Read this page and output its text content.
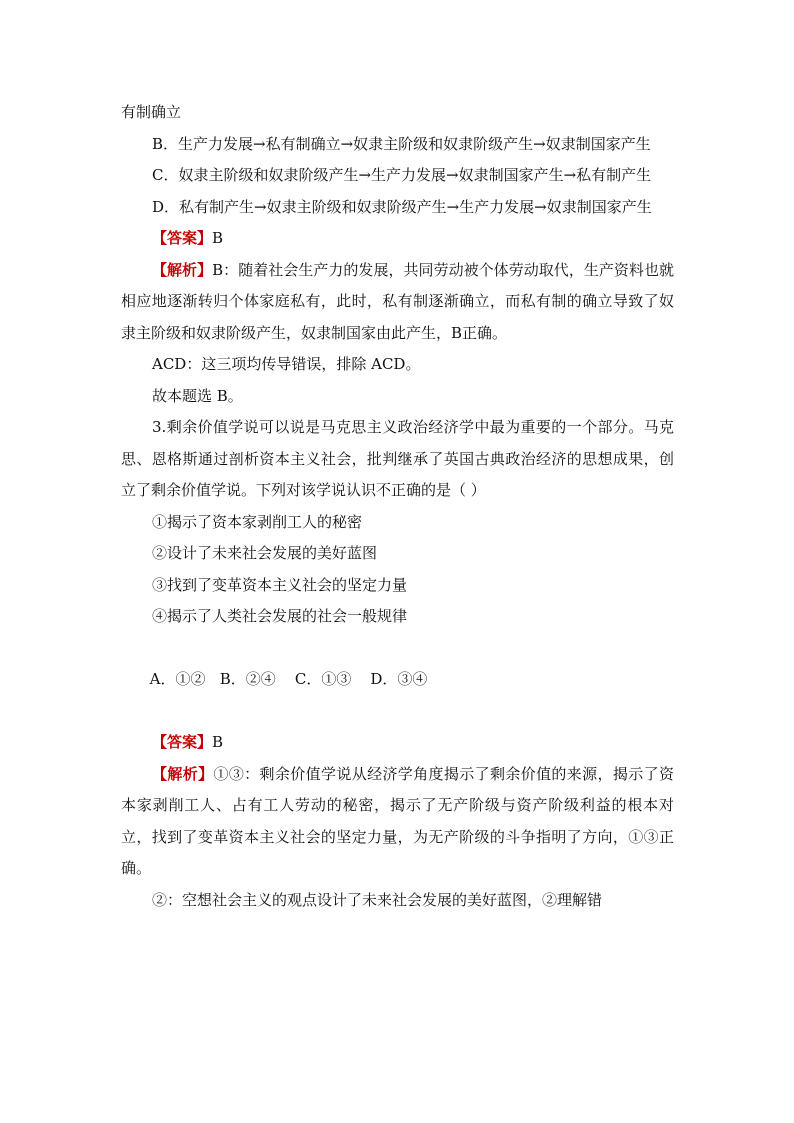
有制确立

B．生产力发展→私有制确立→奴隶主阶级和奴隶阶级产生→奴隶制国家产生

C．奴隶主阶级和奴隶阶级产生→生产力发展→奴隶制国家产生→私有制产生

D．私有制产生→奴隶主阶级和奴隶阶级产生→生产力发展→奴隶制国家产生

【答案】B

【解析】B：随着社会生产力的发展，共同劳动被个体劳动取代，生产资料也就相应地逐渐转归个体家庭私有，此时，私有制逐渐确立，而私有制的确立导致了奴隶主阶级和奴隶阶级产生，奴隶制国家由此产生，B正确。

ACD：这三项均传导错误，排除 ACD。

故本题选 B。

3.剩余价值学说可以说是马克思主义政治经济学中最为重要的一个部分。马克思、恩格斯通过剖析资本主义社会，批判继承了英国古典政治经济的思想成果，创立了剩余价值学说。下列对该学说认识不正确的是（ ）

①揭示了资本家剥削工人的秘密

②设计了未来社会发展的美好蓝图

③找到了变革资本主义社会的坚定力量

④揭示了人类社会发展的社会一般规律

A．①②   B．②④    C．①③    D．③④

【答案】B

【解析】①③：剩余价值学说从经济学角度揭示了剩余价值的来源，揭示了资本家剥削工人、占有工人劳动的秘密，揭示了无产阶级与资产阶级利益的根本对立，找到了变革资本主义社会的坚定力量，为无产阶级的斗争指明了方向，①③正确。

②：空想社会主义的观点设计了未来社会发展的美好蓝图，②理解错
